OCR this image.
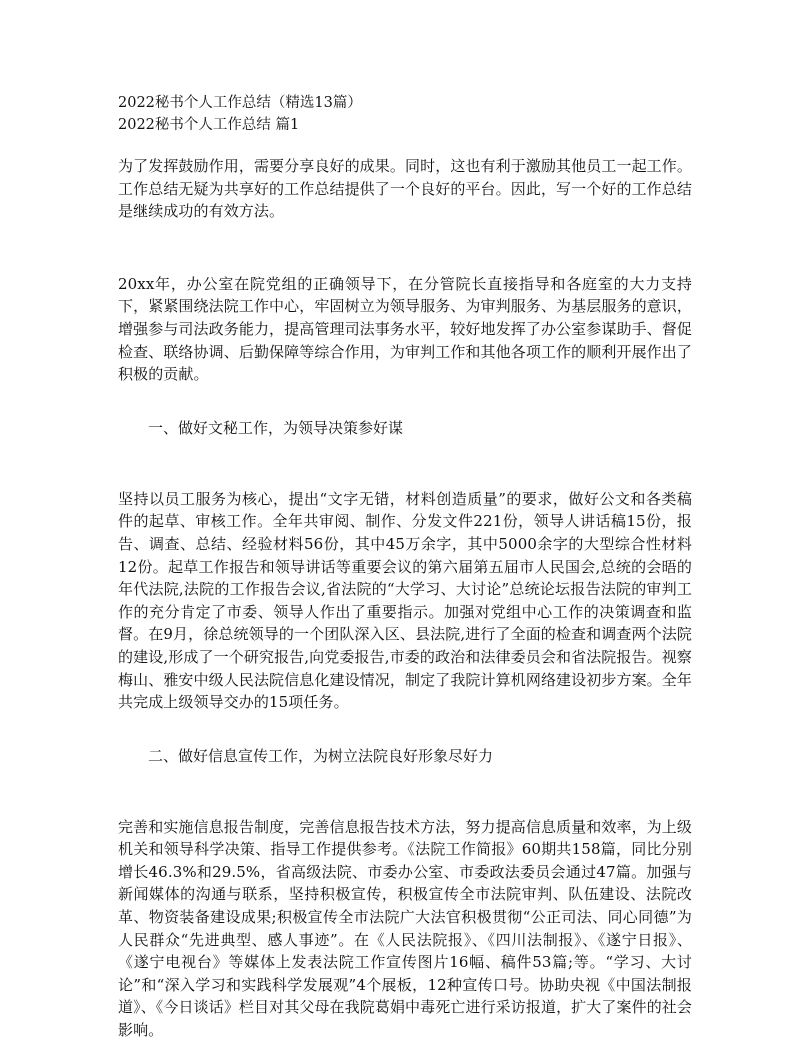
2022秘书个人工作总结（精选13篇）

2022秘书个人工作总结 篇1

为了发挥鼓励作用，需要分享良好的成果。同时，这也有利于激励其他员工一起工作。工作总结无疑为共享好的工作总结提供了一个良好的平台。因此，写一个好的工作总结是继续成功的有效方法。

20xx年，办公室在院党组的正确领导下，在分管院长直接指导和各庭室的大力支持下，紧紧围绕法院工作中心，牢固树立为领导服务、为审判服务、为基层服务的意识，增强参与司法政务能力，提高管理司法事务水平，较好地发挥了办公室参谋助手、督促检查、联络协调、后勤保障等综合作用，为审判工作和其他各项工作的顺利开展作出了积极的贡献。

一、做好文秘工作，为领导决策参好谋

坚持以员工服务为核心，提出“文字无错，材料创造质量”的要求，做好公文和各类稿件的起草、审核工作。全年共审阅、制作、分发文件221份，领导人讲话稿15份，报告、调查、总结、经验材料56份，其中45万余字，其中5000余字的大型综合性材料12份。起草工作报告和领导讲话等重要会议的第六届第五届市人民国会,总统的会晤的年代法院,法院的工作报告会议,省法院的“大学习、大讨论”总统论坛报告法院的审判工作的充分肯定了市委、领导人作出了重要指示。加强对党组中心工作的决策调查和监督。在9月，徐总统领导的一个团队深入区、县法院,进行了全面的检查和调查两个法院的建设,形成了一个研究报告,向党委报告,市委的政治和法律委员会和省法院报告。视察梅山、雅安中级人民法院信息化建设情况，制定了我院计算机网络建设初步方案。全年共完成上级领导交办的15项任务。

二、做好信息宣传工作，为树立法院良好形象尽好力

完善和实施信息报告制度，完善信息报告技术方法，努力提高信息质量和效率，为上级机关和领导科学决策、指导工作提供参考。《法院工作简报》60期共158篇，同比分别增长46.3%和29.5%，省高级法院、市委办公室、市委政法委员会通过47篇。加强与新闻媒体的沟通与联系，坚持积极宣传，积极宣传全市法院审判、队伍建设、法院改革、物资装备建设成果;积极宣传全市法院广大法官积极贯彻“公正司法、同心同德”为人民群众“先进典型、感人事迹”。在《人民法院报》、《四川法制报》、《遂宁日报》、《遂宁电视台》等媒体上发表法院工作宣传图片16幅、稿件53篇;等。“学习、大讨论”和“深入学习和实践科学发展观”4个展板，12种宣传口号。协助央视《中国法制报道》、《今日谈话》栏目对其父母在我院葛娟中毒死亡进行采访报道，扩大了案件的社会影响。
